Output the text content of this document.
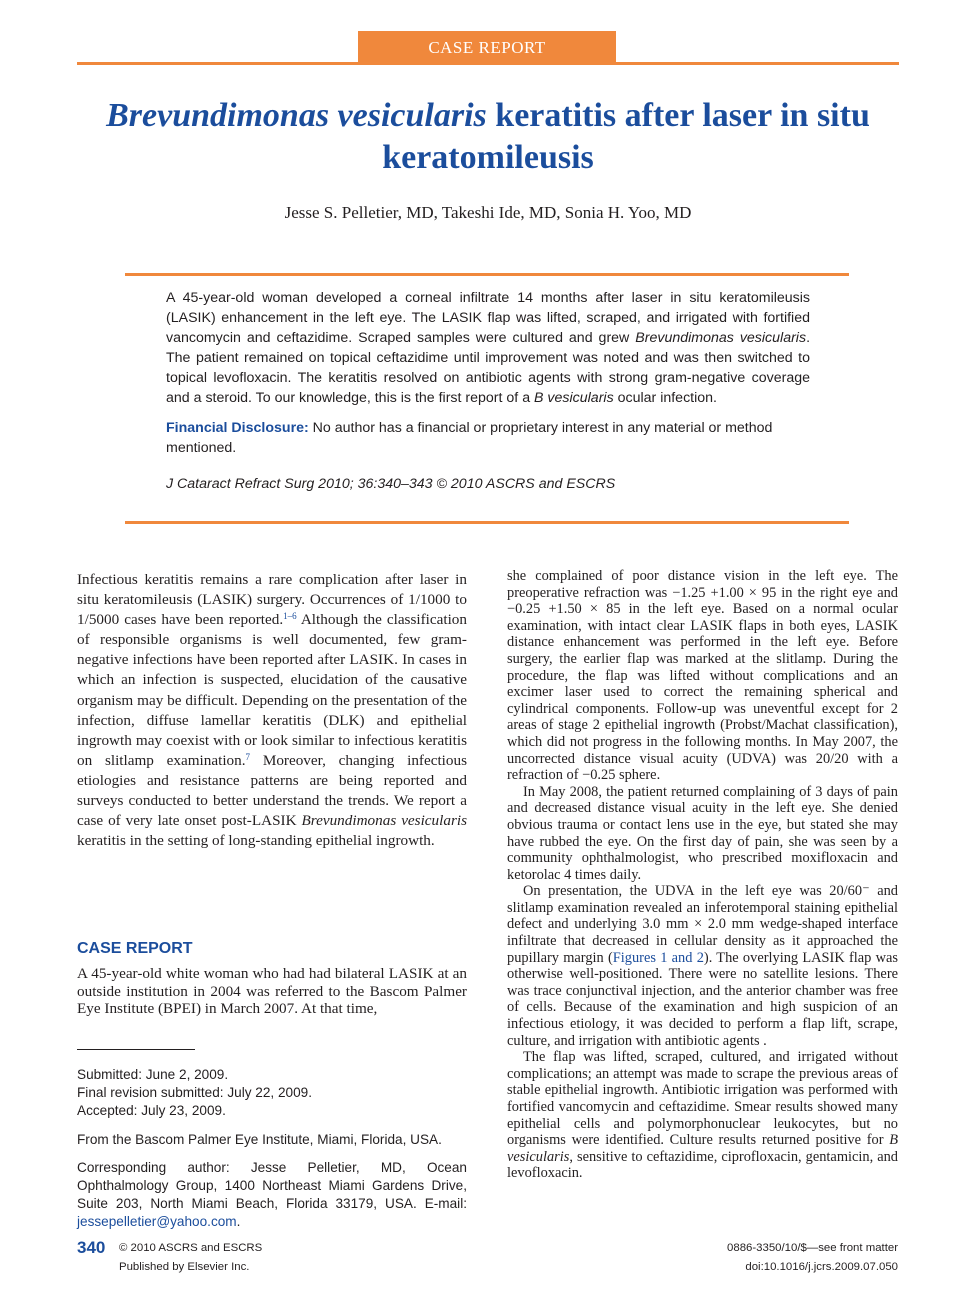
CASE REPORT
Brevundimonas vesicularis keratitis after laser in situ keratomileusis
Jesse S. Pelletier, MD, Takeshi Ide, MD, Sonia H. Yoo, MD

A 45-year-old woman developed a corneal infiltrate 14 months after laser in situ keratomileusis (LASIK) enhancement in the left eye. The LASIK flap was lifted, scraped, and irrigated with fortified vancomycin and ceftazidime. Scraped samples were cultured and grew Brevundimonas vesicularis. The patient remained on topical ceftazidime until improvement was noted and was then switched to topical levofloxacin. The keratitis resolved on antibiotic agents with strong gram-negative coverage and a steroid. To our knowledge, this is the first report of a B vesicularis ocular infection.

Financial Disclosure: No author has a financial or proprietary interest in any material or method mentioned.

J Cataract Refract Surg 2010; 36:340–343 © 2010 ASCRS and ESCRS

Infectious keratitis remains a rare complication after laser in situ keratomileusis (LASIK) surgery. Occurrences of 1/1000 to 1/5000 cases have been reported.$^{1-6}$ Although the classification of responsible organisms is well documented, few gram-negative infections have been reported after LASIK. In cases in which an infection is suspected, elucidation of the causative organism may be difficult. Depending on the presentation of the infection, diffuse lamellar keratitis (DLK) and epithelial ingrowth may coexist with or look similar to infectious keratitis on slitlamp examination.$^7$ Moreover, changing infectious etiologies and resistance patterns are being reported and surveys conducted to better understand the trends. We report a case of very late onset post-LASIK Brevundimonas vesicularis keratitis in the setting of long-standing epithelial ingrowth.

CASE REPORT

A 45-year-old white woman who had had bilateral LASIK at an outside institution in 2004 was referred to the Bascom Palmer Eye Institute (BPEI) in March 2007. At that time,

Submitted: June 2, 2009.

Final revision submitted: July 22, 2009.

Accepted: July 23, 2009.

From the Bascom Palmer Eye Institute, Miami, Florida, USA.

Corresponding author: Jesse Pelletier, MD, Ocean Ophthalmology Group, 1400 Northeast Miami Gardens Drive, Suite 203, North Miami Beach, Florida 33179, USA. E-mail: jessepelletier@yahoo.com.

she complained of poor distance vision in the left eye. The preoperative refraction was −1.25 +1.00 × 95 in the right eye and −0.25 +1.50 × 85 in the left eye. Based on a normal ocular examination, with intact clear LASIK flaps in both eyes, LASIK distance enhancement was performed in the left eye. Before surgery, the earlier flap was marked at the slitlamp. During the procedure, the flap was lifted without complications and an excimer laser used to correct the remaining spherical and cylindrical components. Follow-up was uneventful except for 2 areas of stage 2 epithelial ingrowth (Probst/Machat classification), which did not progress in the following months. In May 2007, the uncorrected distance visual acuity (UDVA) was 20/20 with a refraction of −0.25 sphere.

In May 2008, the patient returned complaining of 3 days of pain and decreased distance visual acuity in the left eye. She denied obvious trauma or contact lens use in the eye, but stated she may have rubbed the eye. On the first day of pain, she was seen by a community ophthalmologist, who prescribed moxifloxacin and ketorolac 4 times daily.

On presentation, the UDVA in the left eye was 20/60⁻ and slitlamp examination revealed an inferotemporal staining epithelial defect and underlying 3.0 mm × 2.0 mm wedge-shaped interface infiltrate that decreased in cellular density as it approached the pupillary margin (Figures 1 and 2). The overlying LASIK flap was otherwise well-positioned. There were no satellite lesions. There was trace conjunctival injection, and the anterior chamber was free of cells. Because of the examination and high suspicion of an infectious etiology, it was decided to perform a flap lift, scrape, culture, and irrigation with antibiotic agents .

The flap was lifted, scraped, cultured, and irrigated without complications; an attempt was made to scrape the previous areas of stable epithelial ingrowth. Antibiotic irrigation was performed with fortified vancomycin and ceftazidime. Smear results showed many epithelial cells and polymorphonuclear leukocytes, but no organisms were identified. Culture results returned positive for B vesicularis, sensitive to ceftazidime, ciprofloxacin, gentamicin, and levofloxacin.

340 © 2010 ASCRS and ESCRS
Published by Elsevier Inc.
0886-3350/10/$—see front matter
doi:10.1016/j.jcrs.2009.07.050
